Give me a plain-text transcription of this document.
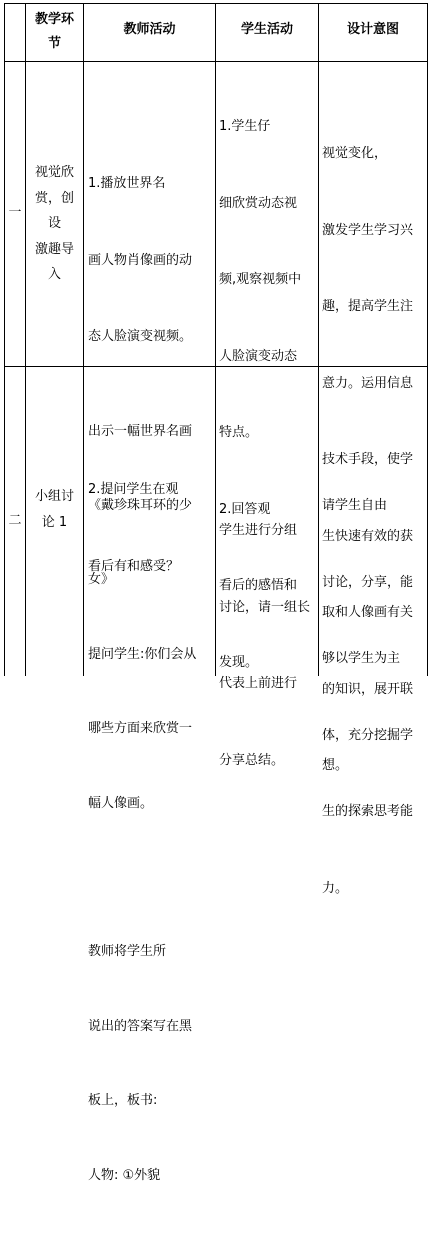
教学环
节
教师活动	学生活动	设计意图
一
视觉欣
赏，创
设
激趣导
入

1.播放世界名

画人物肖像画的动

态人脸演变视频。

2.提问学生在观

看后有和感受？

1.学生仔

细欣赏动态视

频,观察视频中

人脸演变动态

特点。

2.回答观

看后的感悟和

发现。

视觉变化，

激发学生学习兴

趣，提高学生注

意力。运用信息

技术手段，使学

生快速有效的获

取和人像画有关

的知识，展开联

想。

二
小组讨
论 1

出示一幅世界名画

《戴珍珠耳环的少

女》

提问学生:你们会从

哪些方面来欣赏一

幅人像画。

教师将学生所

说出的答案写在黑

板上，板书:

人物: ①外貌

学生进行分组

讨论，请一组长

代表上前进行

分享总结。

请学生自由

讨论，分享，能

够以学生为主

体，充分挖掘学

生的探索思考能

力。
